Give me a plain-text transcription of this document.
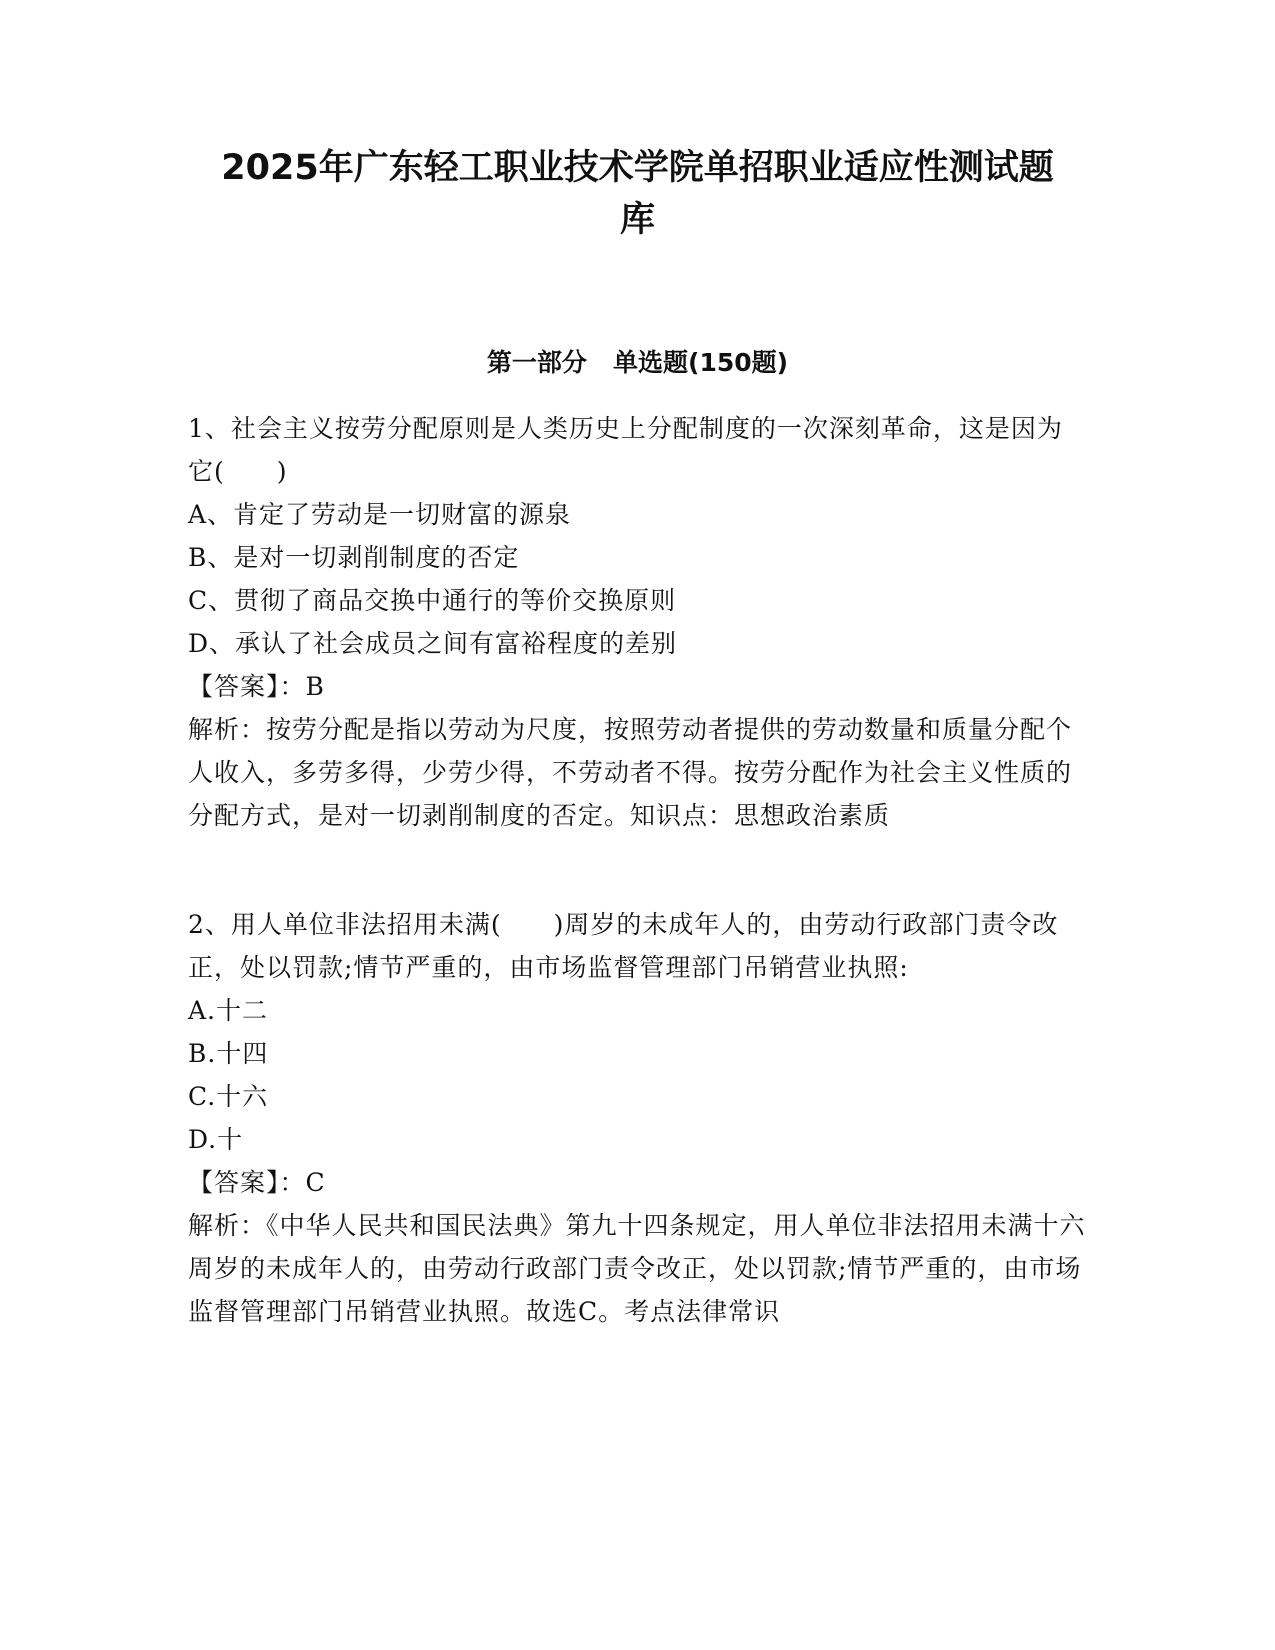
2025年广东轻工职业技术学院单招职业适应性测试题
库
第一部分   单选题(150题)
1、社会主义按劳分配原则是人类历史上分配制度的一次深刻革命，这是因为它(　　)
A、肯定了劳动是一切财富的源泉
B、是对一切剥削制度的否定
C、贯彻了商品交换中通行的等价交换原则
D、承认了社会成员之间有富裕程度的差别
【答案】：B
解析：按劳分配是指以劳动为尺度，按照劳动者提供的劳动数量和质量分配个人收入，多劳多得，少劳少得，不劳动者不得。按劳分配作为社会主义性质的分配方式，是对一切剥削制度的否定。知识点：思想政治素质
2、用人单位非法招用未满(　　)周岁的未成年人的，由劳动行政部门责令改正，处以罚款;情节严重的，由市场监督管理部门吊销营业执照:
A.十二
B.十四
C.十六
D.十
【答案】：C
解析：《中华人民共和国民法典》第九十四条规定，用人单位非法招用未满十六周岁的未成年人的，由劳动行政部门责令改正，处以罚款;情节严重的，由市场监督管理部门吊销营业执照。故选C。考点法律常识
